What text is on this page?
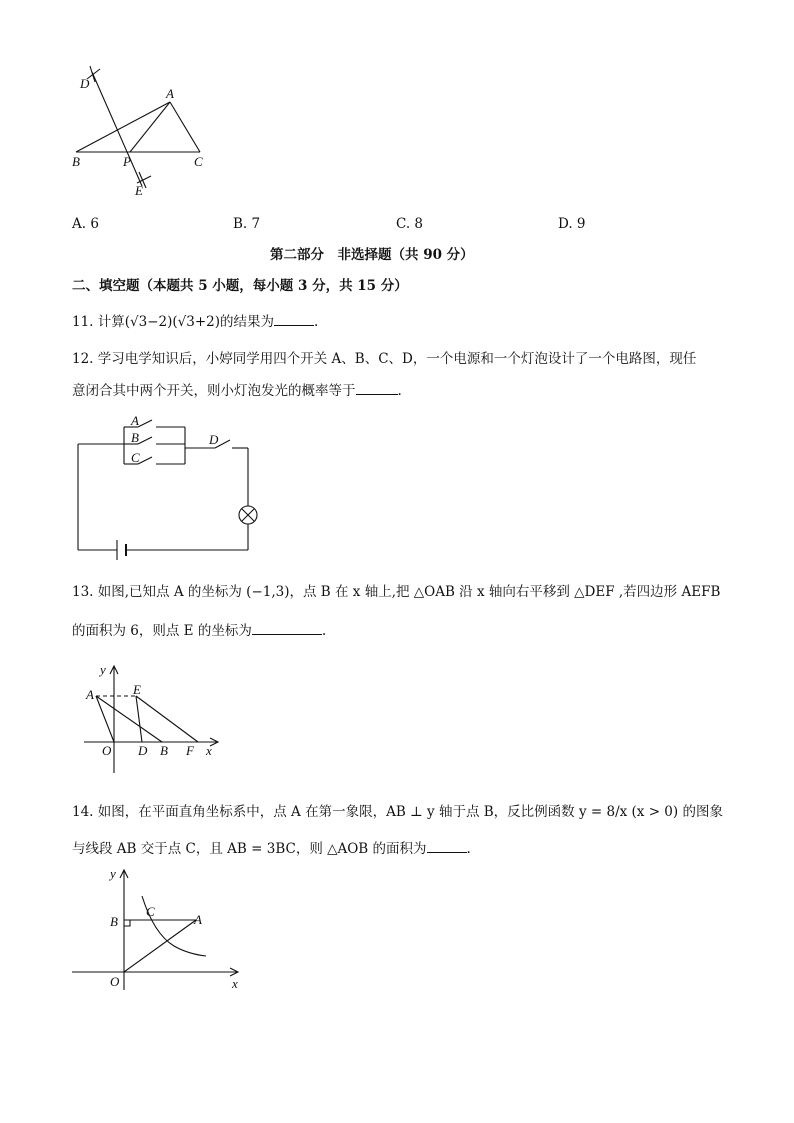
D
A
B	P	C
E
A. 6	B. 7	C. 8	D. 9
第二部分　非选择题（共 90 分）
二、填空题（本题共 5 小题，每小题 3 分，共 15 分）
11. 计算(√3−2)(√3+2)的结果为	.
12. 学习电学知识后，小婷同学用四个开关 A、B、C、D，一个电源和一个灯泡设计了一个电路图，现任
意闭合其中两个开关，则小灯泡发光的概率等于	.
A
B
C
D
13. 如图,已知点 A 的坐标为 (−1,3)，点 B 在 x 轴上,把 △OAB 沿 x 轴向右平移到 △DEF ,若四边形 AEFB
的面积为 6，则点 E 的坐标为	.
y
A	E
O D B F x
14. 如图，在平面直角坐标系中，点 A 在第一象限，AB ⊥ y 轴于点 B，反比例函数 y = 8/x (x > 0) 的图象
与线段 AB 交于点 C，且 AB = 3BC，则 △AOB 的面积为	.
y
B
C
A
O	x
